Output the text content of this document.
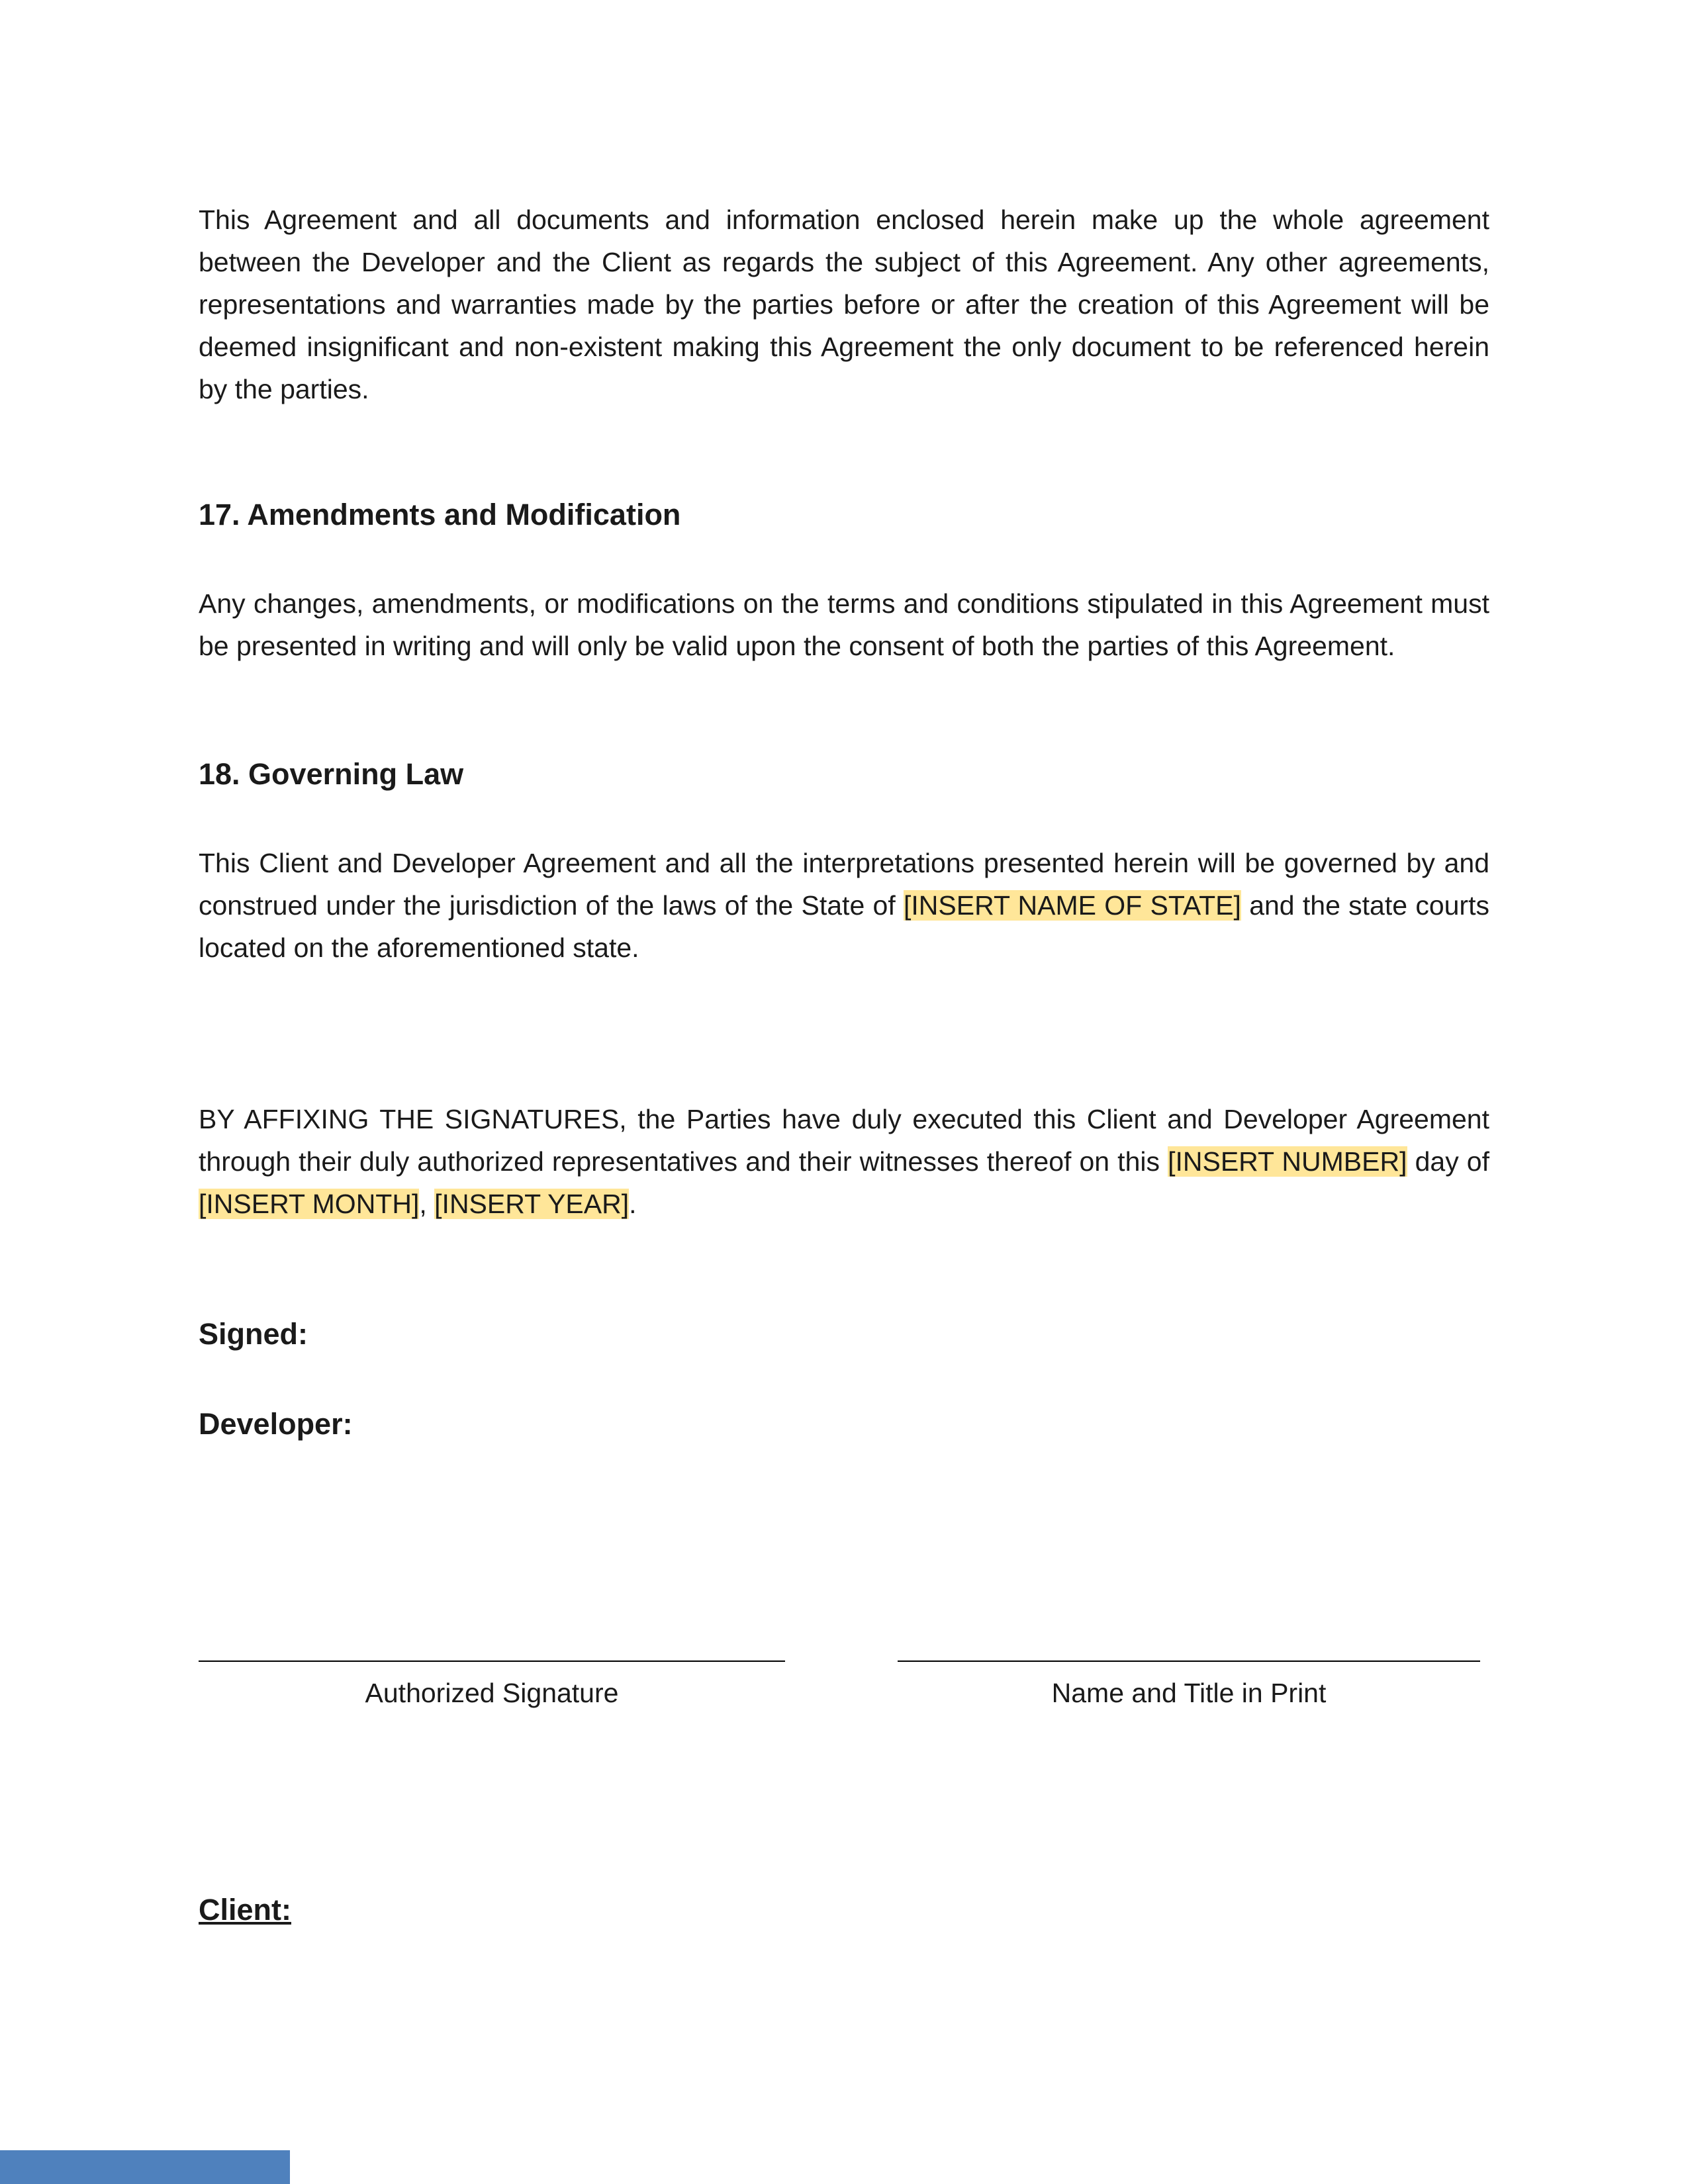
This Agreement and all documents and information enclosed herein make up the whole agreement between the Developer and the Client as regards the subject of this Agreement. Any other agreements, representations and warranties made by the parties before or after the creation of this Agreement will be deemed insignificant and non-existent making this Agreement the only document to be referenced herein by the parties.

17. Amendments and Modification

Any changes, amendments, or modifications on the terms and conditions stipulated in this Agreement must be presented in writing and will only be valid upon the consent of both the parties of this Agreement.

18. Governing Law

This Client and Developer Agreement and all the interpretations presented herein will be governed by and construed under the jurisdiction of the laws of the State of [INSERT NAME OF STATE] and the state courts located on the aforementioned state.

BY AFFIXING THE SIGNATURES, the Parties have duly executed this Client and Developer Agreement through their duly authorized representatives and their witnesses thereof on this [INSERT NUMBER] day of [INSERT MONTH], [INSERT YEAR].

Signed:
Developer:
Authorized Signature	Name and Title in Print
Client:
